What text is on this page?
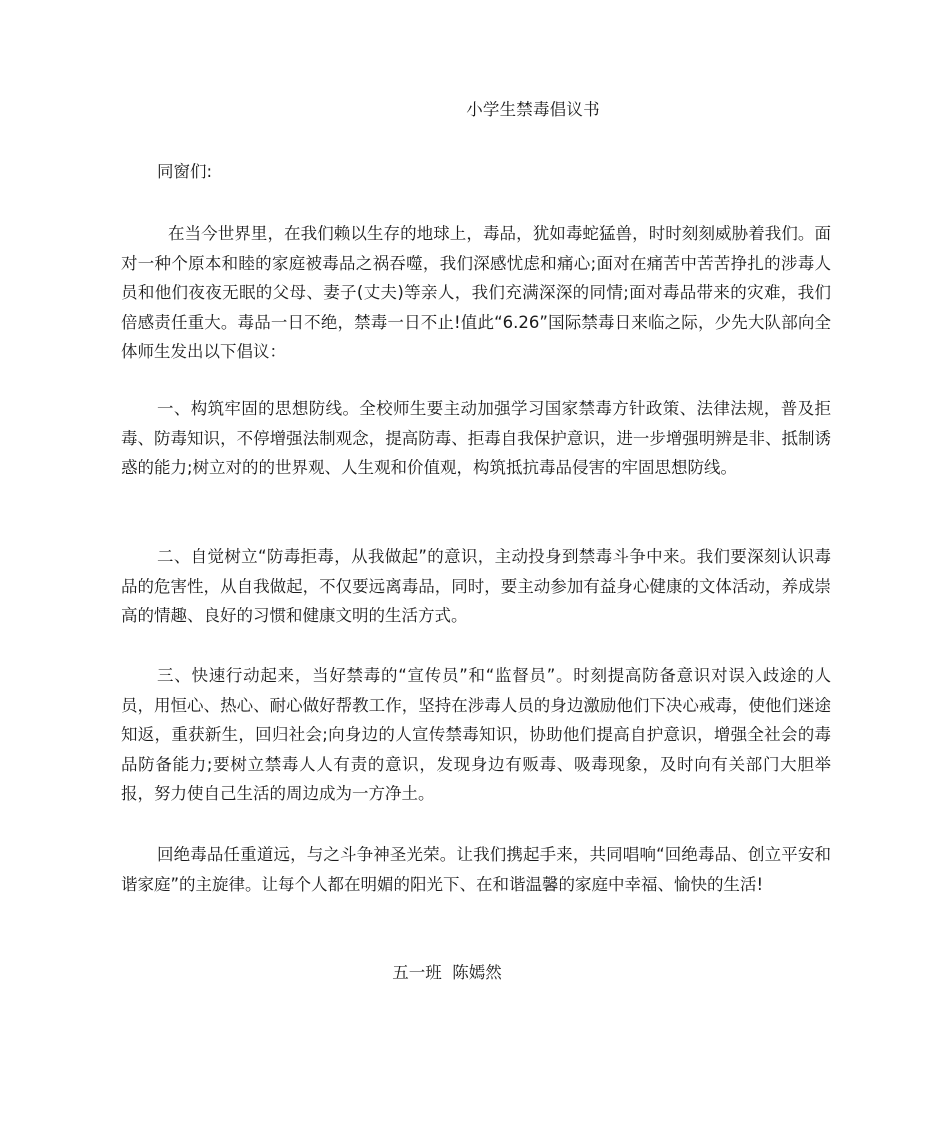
小学生禁毒倡议书
同窗们:

在当今世界里，在我们赖以生存的地球上，毒品，犹如毒蛇猛兽，时时刻刻威胁着我们。面对一种个原本和睦的家庭被毒品之祸吞噬，我们深感忧虑和痛心;面对在痛苦中苦苦挣扎的涉毒人员和他们夜夜无眠的父母、妻子(丈夫)等亲人，我们充满深深的同情;面对毒品带来的灾难，我们倍感责任重大。毒品一日不绝，禁毒一日不止!值此“6.26”国际禁毒日来临之际，少先大队部向全体师生发出以下倡议：

一、构筑牢固的思想防线。全校师生要主动加强学习国家禁毒方针政策、法律法规，普及拒毒、防毒知识，不停增强法制观念，提高防毒、拒毒自我保护意识，进一步增强明辨是非、抵制诱惑的能力;树立对的的世界观、人生观和价值观，构筑抵抗毒品侵害的牢固思想防线。

二、自觉树立“防毒拒毒，从我做起”的意识，主动投身到禁毒斗争中来。我们要深刻认识毒品的危害性，从自我做起，不仅要远离毒品，同时，要主动参加有益身心健康的文体活动，养成崇高的情趣、良好的习惯和健康文明的生活方式。

三、快速行动起来，当好禁毒的“宣传员”和“监督员”。时刻提高防备意识对误入歧途的人员，用恒心、热心、耐心做好帮教工作，坚持在涉毒人员的身边激励他们下决心戒毒，使他们迷途知返，重获新生，回归社会;向身边的人宣传禁毒知识，协助他们提高自护意识，增强全社会的毒品防备能力;要树立禁毒人人有责的意识，发现身边有贩毒、吸毒现象，及时向有关部门大胆举报，努力使自己生活的周边成为一方净土。

回绝毒品任重道远，与之斗争神圣光荣。让我们携起手来，共同唱响“回绝毒品、创立平安和谐家庭”的主旋律。让每个人都在明媚的阳光下、在和谐温馨的家庭中幸福、愉快的生活!

五一班  陈嫣然
